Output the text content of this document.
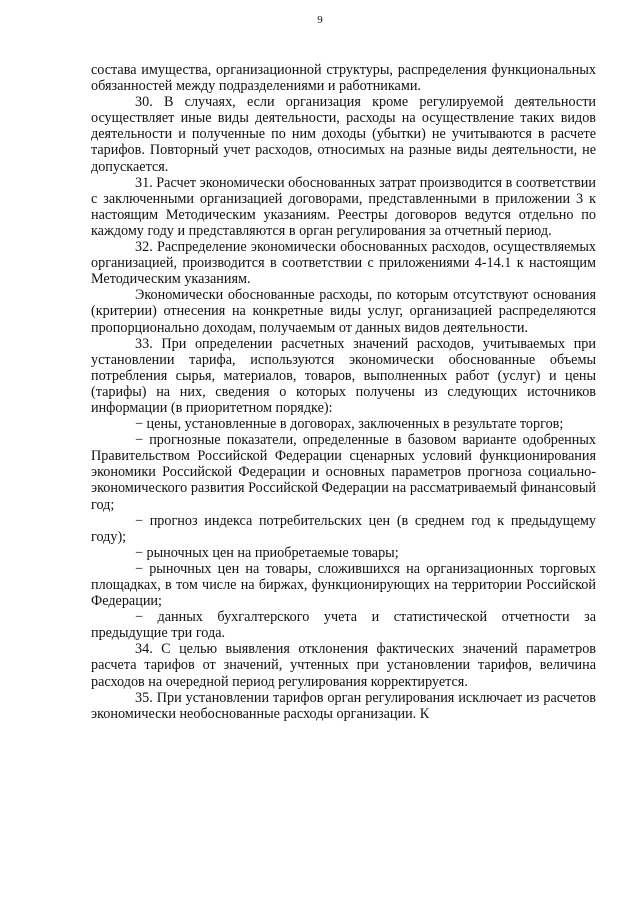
9

состава имущества, организационной структуры, распределения функциональных обязанностей между подразделениями и работниками.

30. В случаях, если организация кроме регулируемой деятельности осуществляет иные виды деятельности, расходы на осуществление таких видов деятельности и полученные по ним доходы (убытки) не учитываются в расчете тарифов. Повторный учет расходов, относимых на разные виды деятельности, не допускается.

31. Расчет экономически обоснованных затрат производится в соответствии с заключенными организацией договорами, представленными в приложении 3 к настоящим Методическим указаниям. Реестры договоров ведутся отдельно по каждому году и представляются в орган регулирования за отчетный период.

32. Распределение экономически обоснованных расходов, осуществляемых организацией, производится в соответствии с приложениями 4-14.1 к настоящим Методическим указаниям.

Экономически обоснованные расходы, по которым отсутствуют основания (критерии) отнесения на конкретные виды услуг, организацией распределяются пропорционально доходам, получаемым от данных видов деятельности.

33. При определении расчетных значений расходов, учитываемых при установлении тарифа, используются экономически обоснованные объемы потребления сырья, материалов, товаров, выполненных работ (услуг) и цены (тарифы) на них, сведения о которых получены из следующих источников информации (в приоритетном порядке):

− цены, установленные в договорах, заключенных в результате торгов;

− прогнозные показатели, определенные в базовом варианте одобренных Правительством Российской Федерации сценарных условий функционирования экономики Российской Федерации и основных параметров прогноза социально-экономического развития Российской Федерации на рассматриваемый финансовый год;

− прогноз индекса потребительских цен (в среднем год к предыдущему году);

− рыночных цен на приобретаемые товары;

− рыночных цен на товары, сложившихся на организационных торговых площадках, в том числе на биржах, функционирующих на территории Российской Федерации;

− данных бухгалтерского учета и статистической отчетности за предыдущие три года.

34. С целью выявления отклонения фактических значений параметров расчета тарифов от значений, учтенных при установлении тарифов, величина расходов на очередной период регулирования корректируется.

35. При установлении тарифов орган регулирования исключает из расчетов экономически необоснованные расходы организации. К
